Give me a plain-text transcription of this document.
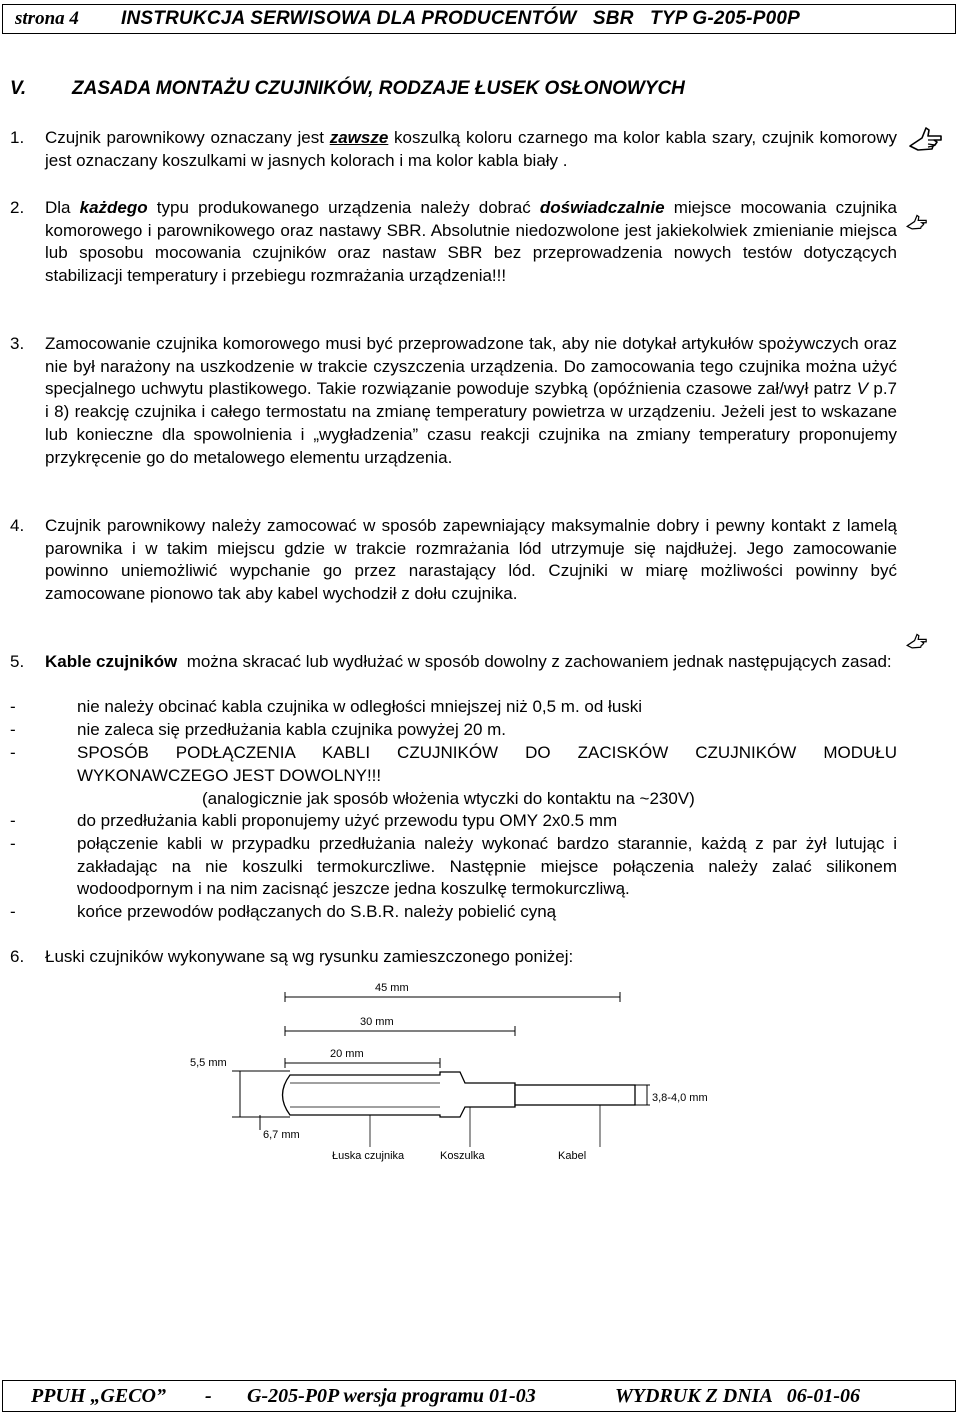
strona 4 INSTRUKCJA SERWISOWA DLA PRODUCENTÓW   SBR   TYP G-205-P00P
V. ZASADA MONTAŻU CZUJNIKÓW, RODZAJE ŁUSEK OSŁONOWYCH
1. Czujnik parownikowy oznaczany jest zawsze koszulką koloru czarnego ma kolor kabla szary, czujnik komorowy jest oznaczany koszulkami w jasnych kolorach i ma kolor kabla biały .

2. Dla każdego typu produkowanego urządzenia należy dobrać doświadczalnie miejsce mocowania czujnika komorowego i parownikowego oraz nastawy SBR. Absolutnie niedozwolone jest jakiekolwiek zmienianie miejsca lub sposobu mocowania czujników oraz nastaw SBR bez przeprowadzenia nowych testów dotyczących stabilizacji temperatury i przebiegu rozmrażania urządzenia!!!

3. Zamocowanie czujnika komorowego musi być przeprowadzone tak, aby nie dotykał artykułów spożywczych oraz nie był narażony na uszkodzenie w trakcie czyszczenia urządzenia. Do zamocowania tego czujnika można użyć specjalnego uchwytu plastikowego. Takie rozwiązanie powoduje szybką (opóźnienia czasowe zał/wył patrz V p.7 i 8) reakcję czujnika i całego termostatu na zmianę temperatury powietrza w urządzeniu. Jeżeli jest to wskazane lub konieczne dla spowolnienia i „wygładzenia” czasu reakcji czujnika na zmiany temperatury proponujemy przykręcenie go do metalowego elementu urządzenia.

4. Czujnik parownikowy należy zamocować w sposób zapewniający maksymalnie dobry i pewny kontakt z lamelą parownika i w takim miejscu gdzie w trakcie rozmrażania lód utrzymuje się najdłużej. Jego zamocowanie powinno uniemożliwić wypchanie go przez narastający lód. Czujniki w miarę możliwości powinny być zamocowane pionowo tak aby kabel wychodził z dołu czujnika.

5. Kable czujników  można skracać lub wydłużać w sposób dowolny z zachowaniem jednak następujących zasad:

-	nie należy obcinać kabla czujnika w odległości mniejszej niż 0,5 m. od łuski
-	nie zaleca się przedłużania kabla czujnika powyżej 20 m.
-	SPOSÓB PODŁĄCZENIA KABLI CZUJNIKÓW DO ZACISKÓW CZUJNIKÓW MODUŁU WYKONAWCZEGO JEST DOWOLNY!!!
(analogicznie jak sposób włożenia wtyczki do kontaktu na ~230V)
-	do przedłużania kabli proponujemy użyć przewodu typu OMY 2x0.5 mm
-	połączenie kabli w przypadku przedłużania należy wykonać bardzo starannie, każdą z par żył lutując i zakładając na nie koszulki termokurczliwe. Następnie miejsce połączenia należy zalać silikonem wodoodpornym i na nim zacisnąć jeszcze jedna koszulkę termokurczliwą.
-	końce przewodów podłączanych do S.B.R. należy pobielić cyną
6. Łuski czujników wykonywane są wg rysunku zamieszczonego poniżej:

45 mm
30 mm
20 mm
5,5 mm
3,8-4,0 mm
6,7 mm
Łuska czujnika	Koszulka	Kabel
PPUH „GECO” - G-205-P0P wersja programu 01-03	WYDRUK Z DNIA   06-01-06
